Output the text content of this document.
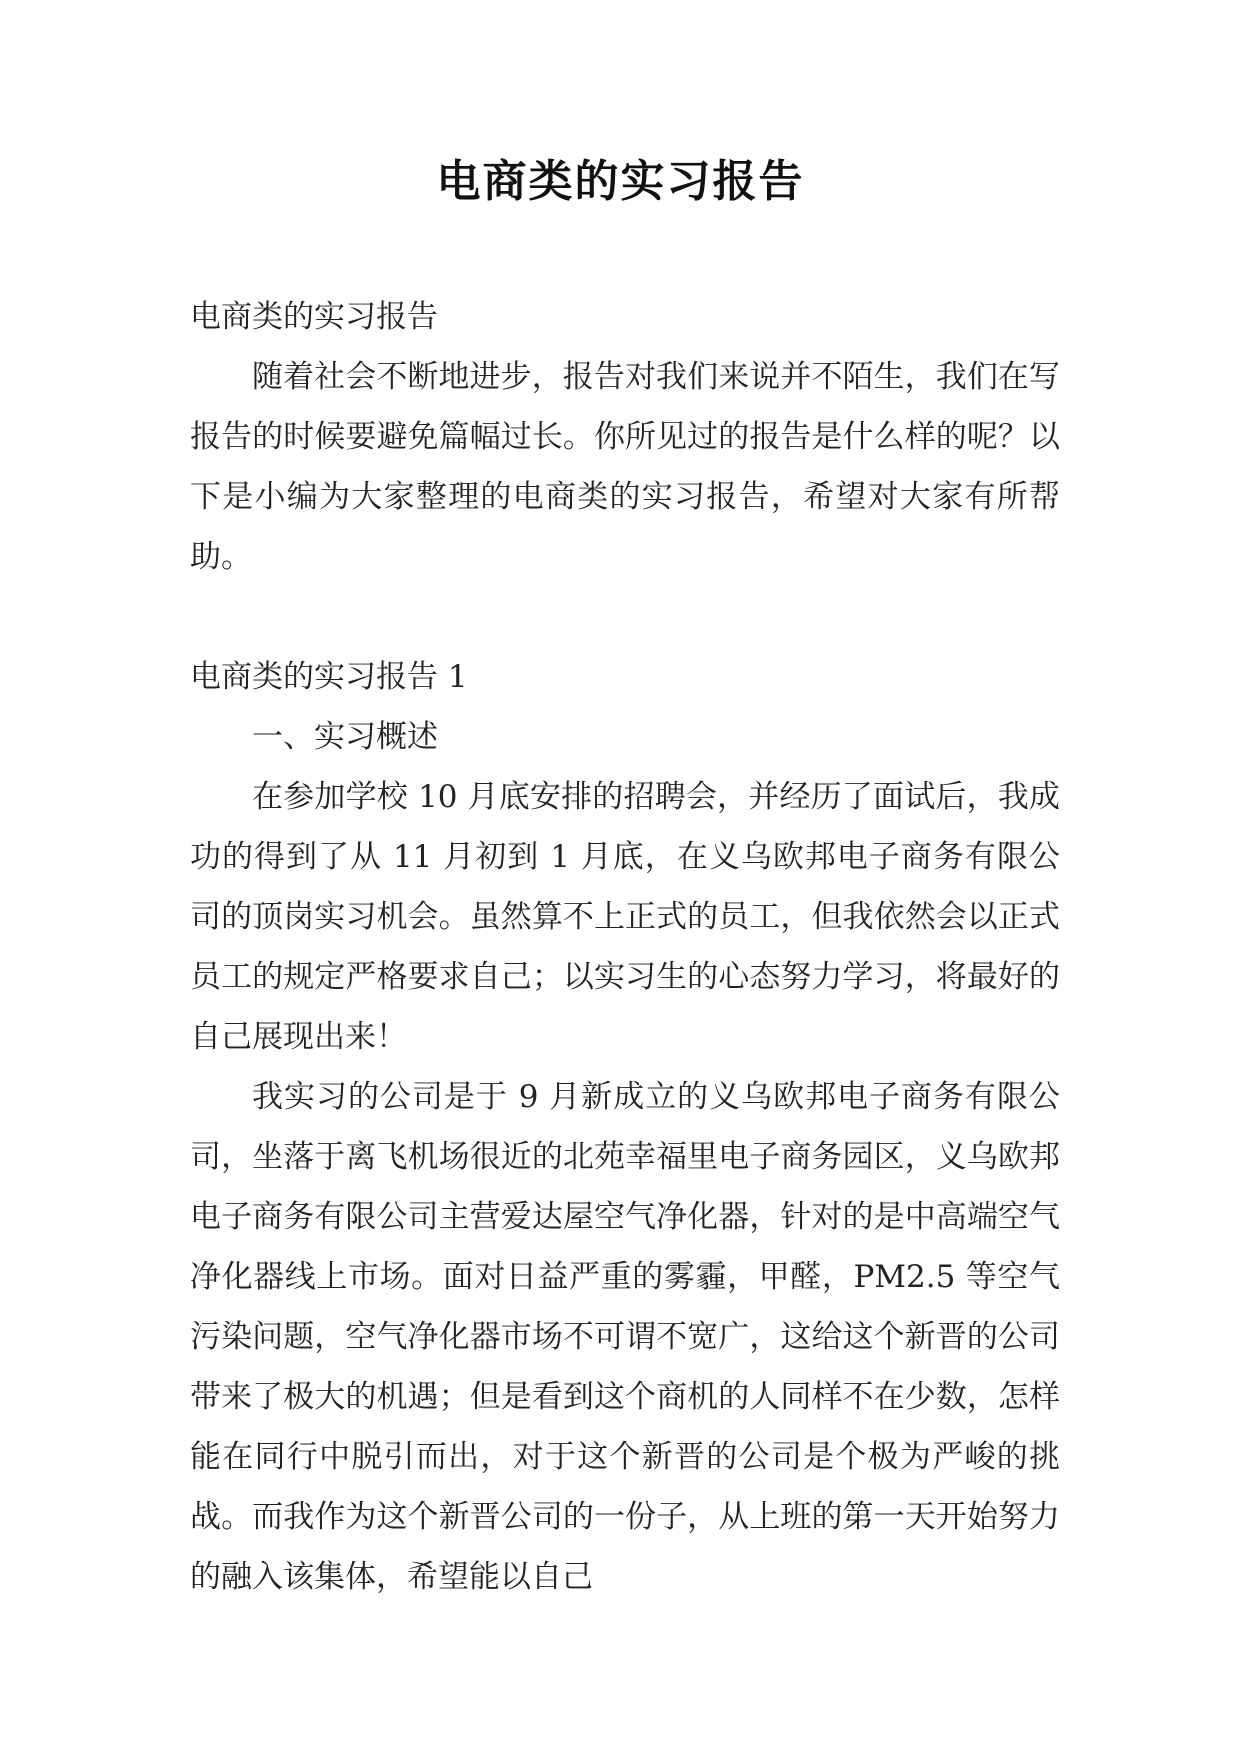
电商类的实习报告

电商类的实习报告

随着社会不断地进步，报告对我们来说并不陌生，我们在写报告的时候要避免篇幅过长。你所见过的报告是什么样的呢？以下是小编为大家整理的电商类的实习报告，希望对大家有所帮助。

电商类的实习报告 1

一、实习概述

在参加学校 10 月底安排的招聘会，并经历了面试后，我成功的得到了从 11 月初到 1 月底，在义乌欧邦电子商务有限公司的顶岗实习机会。虽然算不上正式的员工，但我依然会以正式员工的规定严格要求自己；以实习生的心态努力学习，将最好的自己展现出来！

我实习的公司是于 9 月新成立的义乌欧邦电子商务有限公司，坐落于离飞机场很近的北苑幸福里电子商务园区，义乌欧邦电子商务有限公司主营爱达屋空气净化器，针对的是中高端空气净化器线上市场。面对日益严重的雾霾，甲醛，PM2.5 等空气污染问题，空气净化器市场不可谓不宽广，这给这个新晋的公司带来了极大的机遇；但是看到这个商机的人同样不在少数，怎样能在同行中脱引而出，对于这个新晋的公司是个极为严峻的挑战。而我作为这个新晋公司的一份子，从上班的第一天开始努力的融入该集体，希望能以自己
